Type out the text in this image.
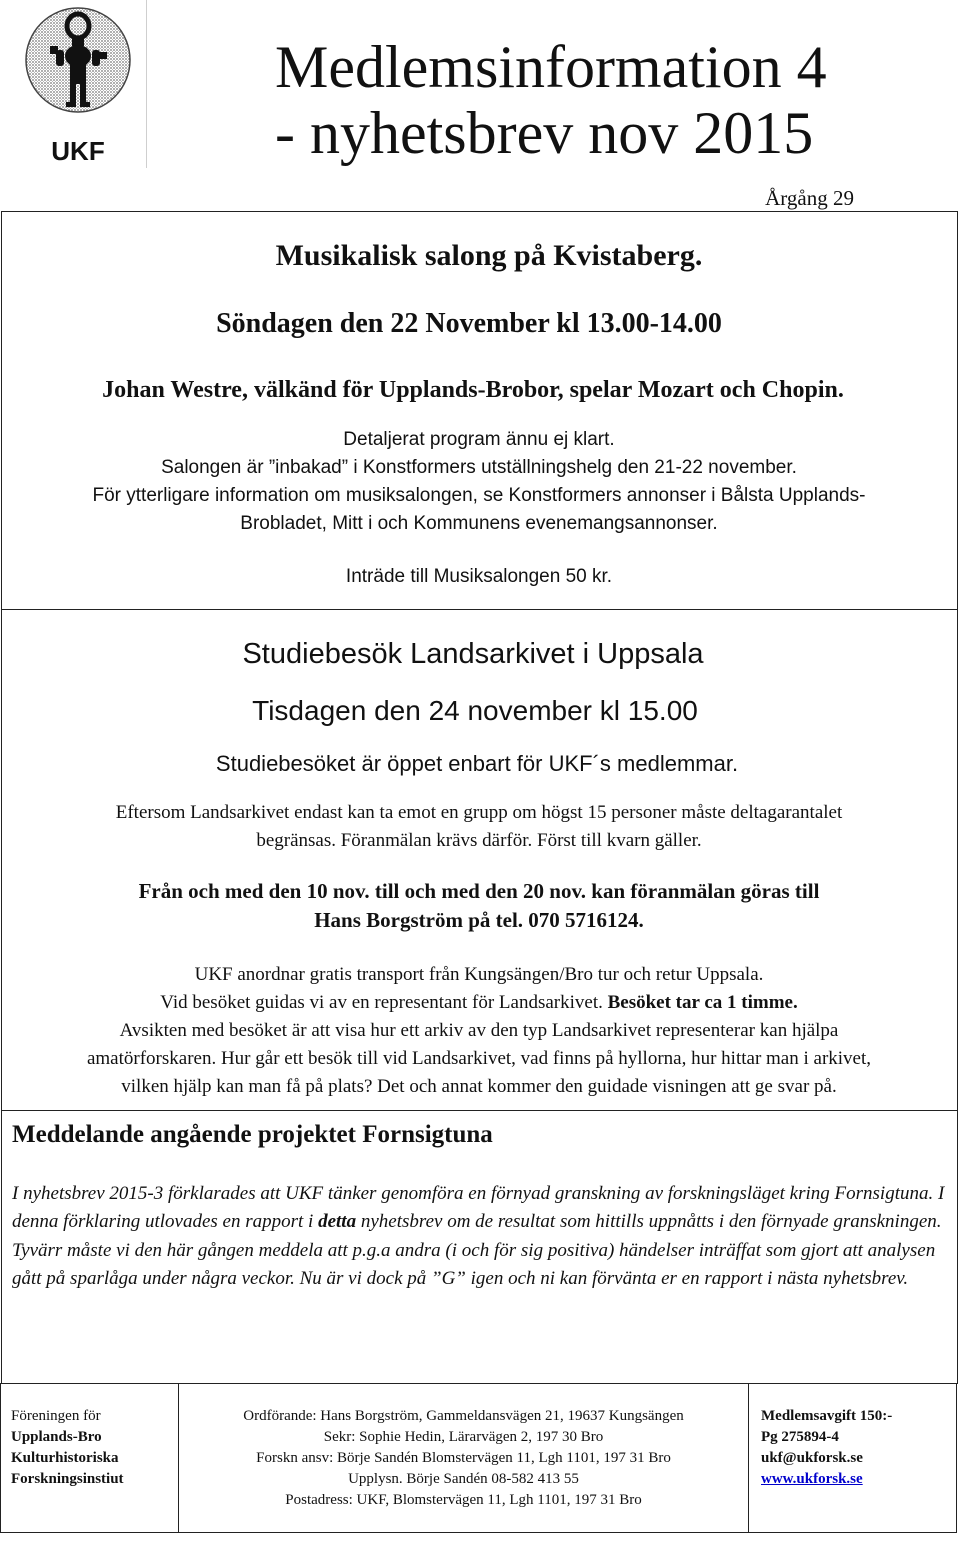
UKF
Medlemsinformation 4
- nyhetsbrev nov 2015
Årgång 29
Musikalisk salong på Kvistaberg.
Söndagen den 22 November kl 13.00-14.00
Johan Westre, välkänd för Upplands-Brobor, spelar Mozart och Chopin.
Detaljerat program ännu ej klart.
Salongen är ”inbakad” i Konstformers utställningshelg den 21-22 november.
För ytterligare information om musiksalongen, se Konstformers annonser i Bålsta Upplands-
Brobladet, Mitt i och Kommunens evenemangsannonser.
Inträde till Musiksalongen 50 kr.
Studiebesök Landsarkivet i Uppsala
Tisdagen den 24 november kl 15.00
Studiebesöket är öppet enbart för UKF´s medlemmar.
Eftersom Landsarkivet endast kan ta emot en grupp om högst 15 personer måste deltagarantalet
begränsas. Föranmälan krävs därför. Först till kvarn gäller.
Från och med den 10 nov. till och med den 20 nov. kan föranmälan göras till
Hans Borgström på tel. 070 5716124.
UKF anordnar gratis transport från Kungsängen/Bro tur och retur Uppsala.
Vid besöket guidas vi av en representant för Landsarkivet. Besöket tar ca 1 timme.
Avsikten med besöket är att visa hur ett arkiv av den typ Landsarkivet representerar kan hjälpa
amatörforskaren. Hur går ett besök till vid Landsarkivet, vad finns på hyllorna, hur hittar man i arkivet,
vilken hjälp kan man få på plats? Det och annat kommer den guidade visningen att ge svar på.
Meddelande angående projektet Fornsigtuna
I nyhetsbrev 2015-3 förklarades att UKF tänker genomföra en förnyad granskning av forskningsläget kring Fornsigtuna. I denna förklaring utlovades en rapport i detta nyhetsbrev om de resultat som hittills uppnåtts i den förnyade granskningen. Tyvärr måste vi den här gången meddela att p.g.a andra (i och för sig positiva) händelser inträffat som gjort att analysen gått på sparlåga under några veckor. Nu är vi dock på ”G” igen och ni kan förvänta er en rapport i nästa nyhetsbrev.
Föreningen för
Upplands-Bro
Kulturhistoriska
Forskningsinstiut
Ordförande: Hans Borgström, Gammeldansvägen 21, 19637 Kungsängen
Sekr: Sophie Hedin, Lärarvägen 2, 197 30 Bro
Forskn ansv: Börje Sandén Blomstervägen 11, Lgh 1101, 197 31 Bro
Upplysn. Börje Sandén 08-582 413 55
Postadress: UKF, Blomstervägen 11, Lgh 1101, 197 31 Bro
Medlemsavgift 150:-
Pg 275894-4
ukf@ukforsk.se
www.ukforsk.se
